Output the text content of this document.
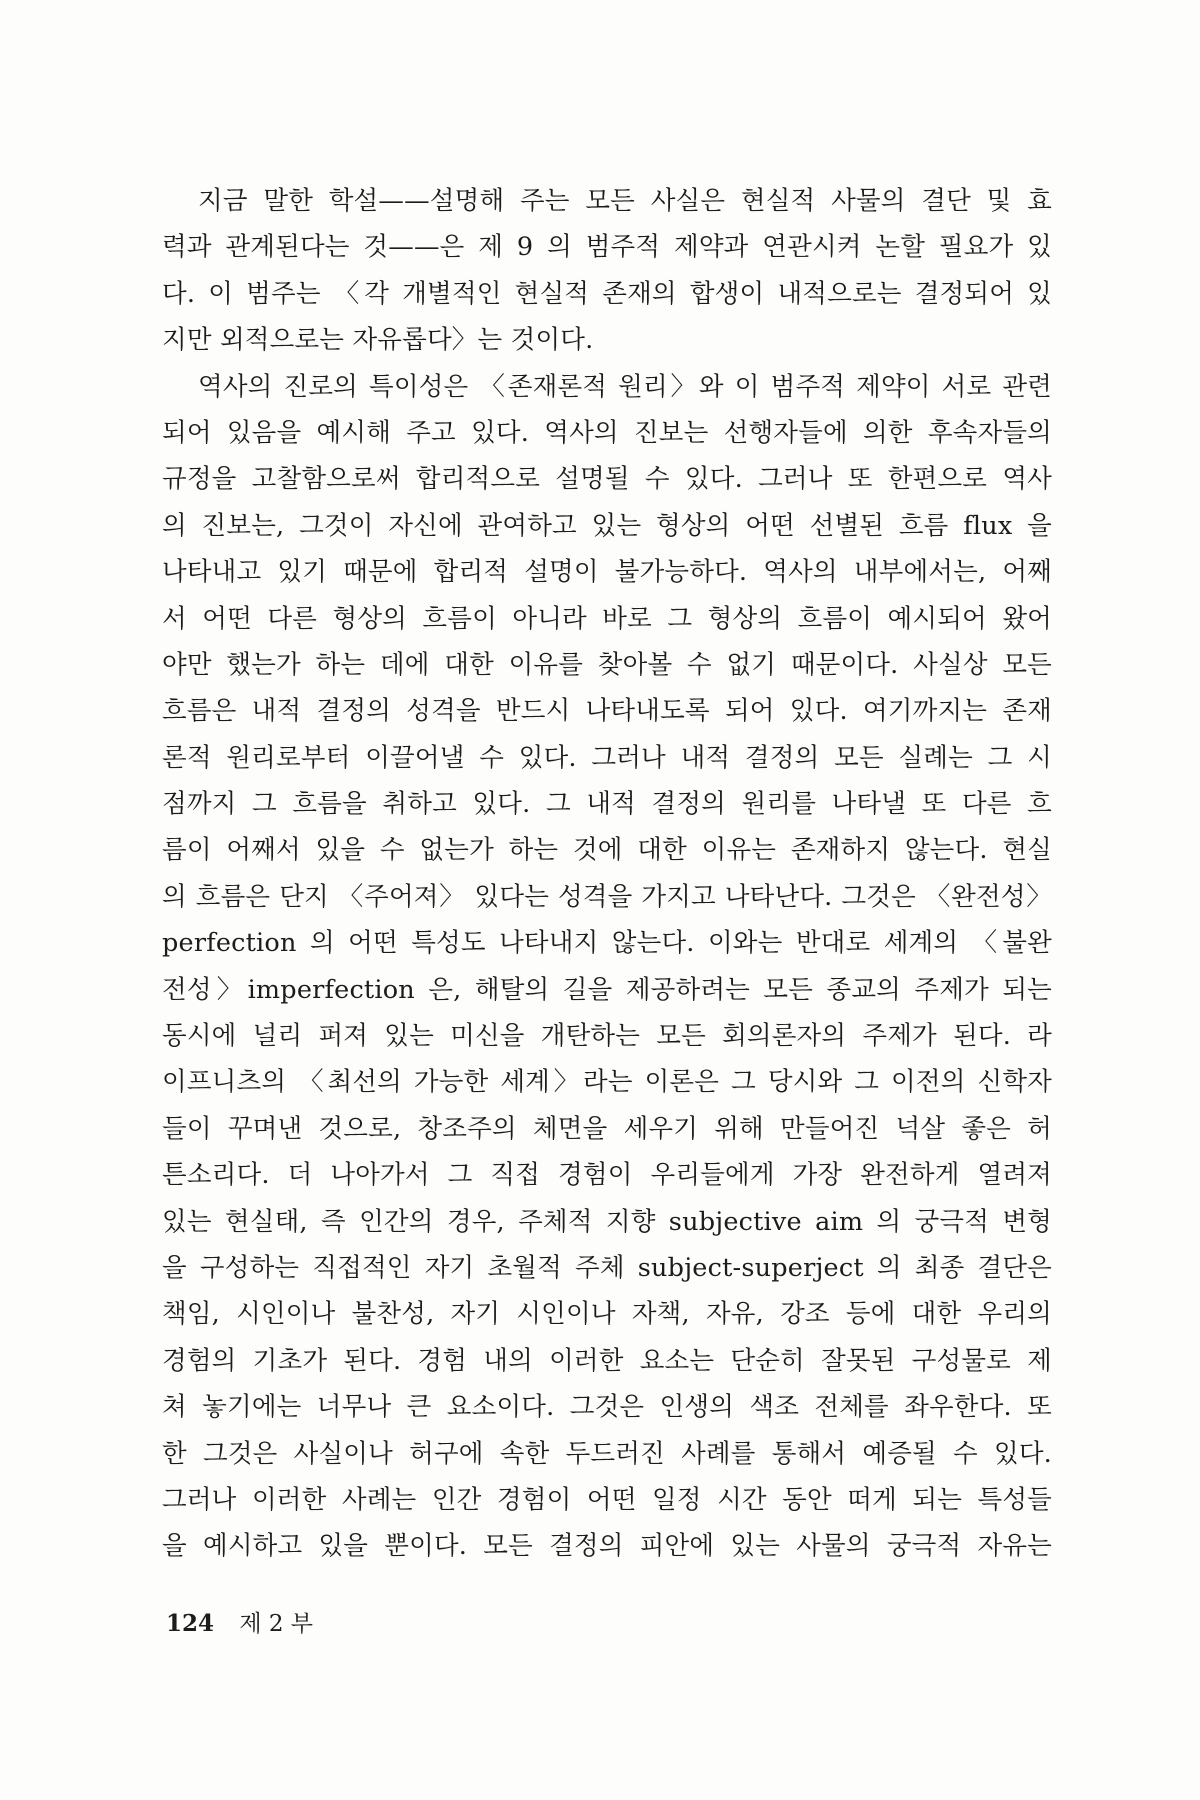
지금 말한 학설——설명해 주는 모든 사실은 현실적 사물의 결단 및 효
력과 관계된다는 것——은 제 9 의 범주적 제약과 연관시켜 논할 필요가 있
다. 이 범주는 〈각 개별적인 현실적 존재의 합생이 내적으로는 결정되어 있
지만 외적으로는 자유롭다〉는 것이다.

역사의 진로의 특이성은 〈존재론적 원리〉와 이 범주적 제약이 서로 관련
되어 있음을 예시해 주고 있다. 역사의 진보는 선행자들에 의한 후속자들의
규정을 고찰함으로써 합리적으로 설명될 수 있다. 그러나 또 한편으로 역사
의 진보는, 그것이 자신에 관여하고 있는 형상의 어떤 선별된 흐름 flux 을
나타내고 있기 때문에 합리적 설명이 불가능하다. 역사의 내부에서는, 어째
서 어떤 다른 형상의 흐름이 아니라 바로 그 형상의 흐름이 예시되어 왔어
야만 했는가 하는 데에 대한 이유를 찾아볼 수 없기 때문이다. 사실상 모든
흐름은 내적 결정의 성격을 반드시 나타내도록 되어 있다. 여기까지는 존재
론적 원리로부터 이끌어낼 수 있다. 그러나 내적 결정의 모든 실례는 그 시
점까지 그 흐름을 취하고 있다. 그 내적 결정의 원리를 나타낼 또 다른 흐
름이 어째서 있을 수 없는가 하는 것에 대한 이유는 존재하지 않는다. 현실
의 흐름은 단지 〈주어져〉 있다는 성격을 가지고 나타난다. 그것은 〈완전성〉
perfection 의 어떤 특성도 나타내지 않는다. 이와는 반대로 세계의 〈불완
전성〉imperfection 은, 해탈의 길을 제공하려는 모든 종교의 주제가 되는
동시에 널리 퍼져 있는 미신을 개탄하는 모든 회의론자의 주제가 된다. 라
이프니츠의 〈최선의 가능한 세계〉라는 이론은 그 당시와 그 이전의 신학자
들이 꾸며낸 것으로, 창조주의 체면을 세우기 위해 만들어진 넉살 좋은 허
튼소리다. 더 나아가서 그 직접 경험이 우리들에게 가장 완전하게 열려져
있는 현실태, 즉 인간의 경우, 주체적 지향 subjective aim 의 궁극적 변형
을 구성하는 직접적인 자기 초월적 주체 subject-superject 의 최종 결단은
책임, 시인이나 불찬성, 자기 시인이나 자책, 자유, 강조 등에 대한 우리의
경험의 기초가 된다. 경험 내의 이러한 요소는 단순히 잘못된 구성물로 제
쳐 놓기에는 너무나 큰 요소이다. 그것은 인생의 색조 전체를 좌우한다. 또
한 그것은 사실이나 허구에 속한 두드러진 사례를 통해서 예증될 수 있다.
그러나 이러한 사례는 인간 경험이 어떤 일정 시간 동안 떠게 되는 특성들
을 예시하고 있을 뿐이다. 모든 결정의 피안에 있는 사물의 궁극적 자유는

124 제 2 부
